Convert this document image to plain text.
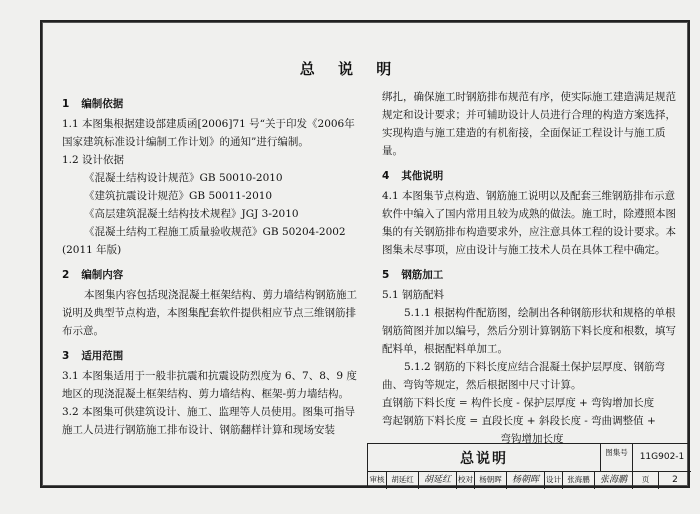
总 说 明
1 编制依据

1.1 本图集根据建设部建质函[2006]71 号“关于印发《2006年国家建筑标准设计编制工作计划》的通知”进行编制。

1.2 设计依据

《混凝土结构设计规范》GB 50010-2010

《建筑抗震设计规范》GB 50011-2010

《高层建筑混凝土结构技术规程》JGJ 3-2010

《混凝土结构工程施工质量验收规范》GB 50204-2002

(2011 年版)

2 编制内容

本图集内容包括现浇混凝土框架结构、剪力墙结构钢筋施工说明及典型节点构造，本图集配套软件提供相应节点三维钢筋排布示意。

3 适用范围

3.1 本图集适用于一般非抗震和抗震设防烈度为 6、7、8、9 度地区的现浇混凝土框架结构、剪力墙结构、框架-剪力墙结构。

3.2 本图集可供建筑设计、施工、监理等人员使用。图集可指导施工人员进行钢筋施工排布设计、钢筋翻样计算和现场安装

绑扎，确保施工时钢筋排布规范有序，使实际施工建造满足规范规定和设计要求；并可辅助设计人员进行合理的构造方案选择，实现构造与施工建造的有机衔接，全面保证工程设计与施工质量。

4 其他说明

4.1 本图集节点构造、钢筋施工说明以及配套三维钢筋排布示意软件中编入了国内常用且较为成熟的做法。施工时，除遵照本图集的有关钢筋排布构造要求外，应注意具体工程的设计要求。本图集未尽事项，应由设计与施工技术人员在具体工程中确定。

5 钢筋加工

5.1 钢筋配料

5.1.1 根据构件配筋图，绘制出各种钢筋形状和规格的单根钢筋简图并加以编号，然后分别计算钢筋下料长度和根数，填写配料单，根据配料单加工。

5.1.2 钢筋的下料长度应结合混凝土保护层厚度、钢筋弯曲、弯钩等规定，然后根据图中尺寸计算。

直钢筋下料长度 = 构件长度 - 保护层厚度 + 弯钩增加长度

弯起钢筋下料长度 = 直段长度 + 斜段长度 - 弯曲调整值 +

弯钩增加长度

总说明	图集号	11G902-1
审核 胡延红	胡延红 校对 杨朝晖	杨朝晖 设计 张海鹏	张海鹏	页	2
